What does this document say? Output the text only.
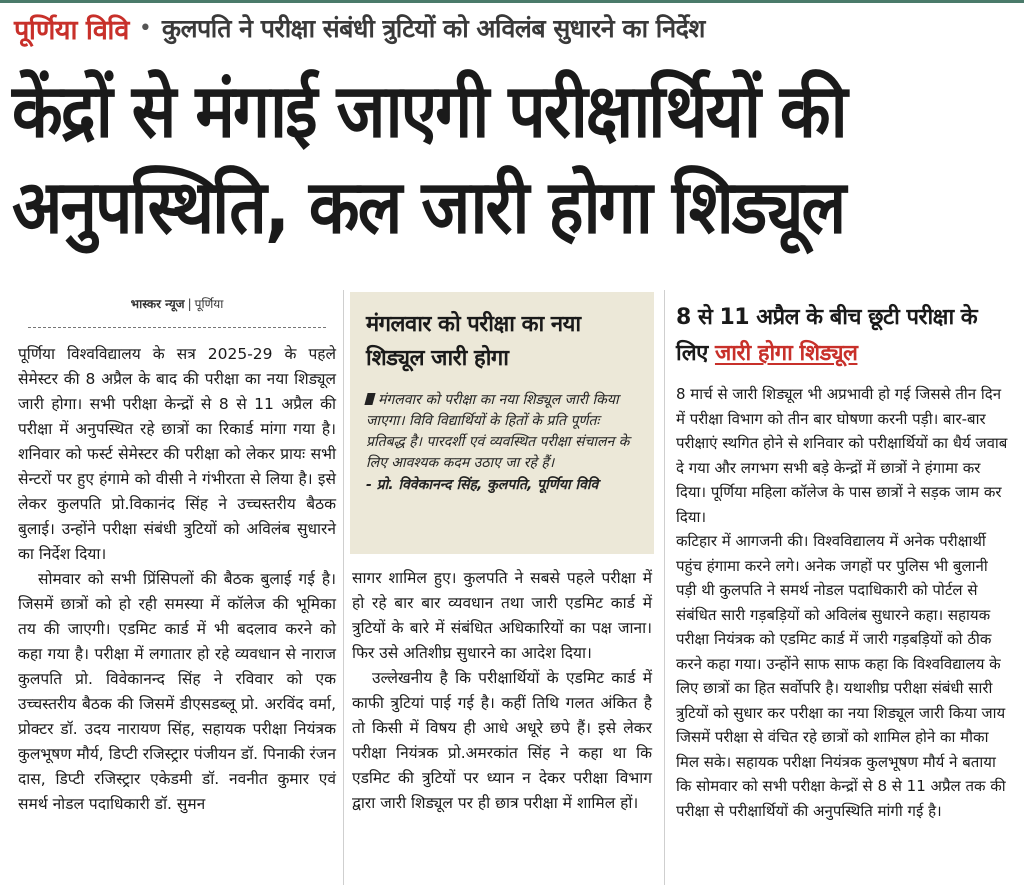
पूर्णिया विवि • कुलपति ने परीक्षा संबंधी त्रुटियों को अविलंब सुधारने का निर्देश
केंद्रों से मंगाई जाएगी परीक्षार्थियों की
अनुपस्थिति, कल जारी होगा शिड्यूल
भास्कर न्यूज | पूर्णिया

पूर्णिया विश्वविद्यालय के सत्र 2025-29 के पहले सेमेस्टर की 8 अप्रैल के बाद की परीक्षा का नया शिड्यूल जारी होगा। सभी परीक्षा केन्द्रों से 8 से 11 अप्रैल की परीक्षा में अनुपस्थित रहे छात्रों का रिकार्ड मांगा गया है। शनिवार को फर्स्ट सेमेस्टर की परीक्षा को लेकर प्रायः सभी सेन्टरों पर हुए हंगामे को वीसी ने गंभीरता से लिया है। इसे लेकर कुलपति प्रो.विकानंद सिंह ने उच्चस्तरीय बैठक बुलाई। उन्होंने परीक्षा संबंधी त्रुटियों को अविलंब सुधारने का निर्देश दिया।

सोमवार को सभी प्रिंसिपलों की बैठक बुलाई गई है। जिसमें छात्रों को हो रही समस्या में कॉलेज की भूमिका तय की जाएगी। एडमिट कार्ड में भी बदलाव करने को कहा गया है। परीक्षा में लगातार हो रहे व्यवधान से नाराज कुलपति प्रो. विवेकानन्द सिंह ने रविवार को एक उच्चस्तरीय बैठक की जिसमें डीएसडब्लू प्रो. अरविंद वर्मा, प्रोक्टर डॉ. उदय नारायण सिंह, सहायक परीक्षा नियंत्रक कुलभूषण मौर्य, डिप्टी रजिस्ट्रार पंजीयन डॉ. पिनाकी रंजन दास, डिप्टी रजिस्ट्रार एकेडमी डॉ. नवनीत कुमार एवं समर्थ नोडल पदाधिकारी डॉ. सुमन

मंगलवार को परीक्षा का नया शिड्यूल जारी होगा
मंगलवार को परीक्षा का नया शिड्यूल जारी किया जाएगा। विवि विद्यार्थियों के हितों के प्रति पूर्णतः प्रतिबद्ध है। पारदर्शी एवं व्यवस्थित परीक्षा संचालन के लिए आवश्यक कदम उठाए जा रहे हैं।
- प्रो. विवेकानन्द सिंह, कुलपति, पूर्णिया विवि

सागर शामिल हुए। कुलपति ने सबसे पहले परीक्षा में हो रहे बार बार व्यवधान तथा जारी एडमिट कार्ड में त्रुटियों के बारे में संबंधित अधिकारियों का पक्ष जाना। फिर उसे अतिशीघ्र सुधारने का आदेश दिया।

उल्लेखनीय है कि परीक्षार्थियों के एडमिट कार्ड में काफी त्रुटियां पाई गई है। कहीं तिथि गलत अंकित है तो किसी में विषय ही आधे अधूरे छपे हैं। इसे लेकर परीक्षा नियंत्रक प्रो.अमरकांत सिंह ने कहा था कि एडमिट की त्रुटियों पर ध्यान न देकर परीक्षा विभाग द्वारा जारी शिड्यूल पर ही छात्र परीक्षा में शामिल हों।

8 से 11 अप्रैल के बीच छूटी परीक्षा के लिए जारी होगा शिड्यूल

8 मार्च से जारी शिड्यूल भी अप्रभावी हो गई जिससे तीन दिन में परीक्षा विभाग को तीन बार घोषणा करनी पड़ी। बार-बार परीक्षाएं स्थगित होने से शनिवार को परीक्षार्थियों का धैर्य जवाब दे गया और लगभग सभी बड़े केन्द्रों में छात्रों ने हंगामा कर दिया। पूर्णिया महिला कॉलेज के पास छात्रों ने सड़क जाम कर दिया।

कटिहार में आगजनी की। विश्वविद्यालय में अनेक परीक्षार्थी पहुंच हंगामा करने लगे। अनेक जगहों पर पुलिस भी बुलानी पड़ी थी कुलपति ने समर्थ नोडल पदाधिकारी को पोर्टल से संबंधित सारी गड़बड़ियों को अविलंब सुधारने कहा। सहायक परीक्षा नियंत्रक को एडमिट कार्ड में जारी गड़बड़ियों को ठीक करने कहा गया। उन्होंने साफ साफ कहा कि विश्वविद्यालय के लिए छात्रों का हित सर्वोपरि है। यथाशीघ्र परीक्षा संबंधी सारी त्रुटियों को सुधार कर परीक्षा का नया शिड्यूल जारी किया जाय जिसमें परीक्षा से वंचित रहे छात्रों को शामिल होने का मौका मिल सके। सहायक परीक्षा नियंत्रक कुलभूषण मौर्य ने बताया कि सोमवार को सभी परीक्षा केन्द्रों से 8 से 11 अप्रैल तक की परीक्षा से परीक्षार्थियों की अनुपस्थिति मांगी गई है।
